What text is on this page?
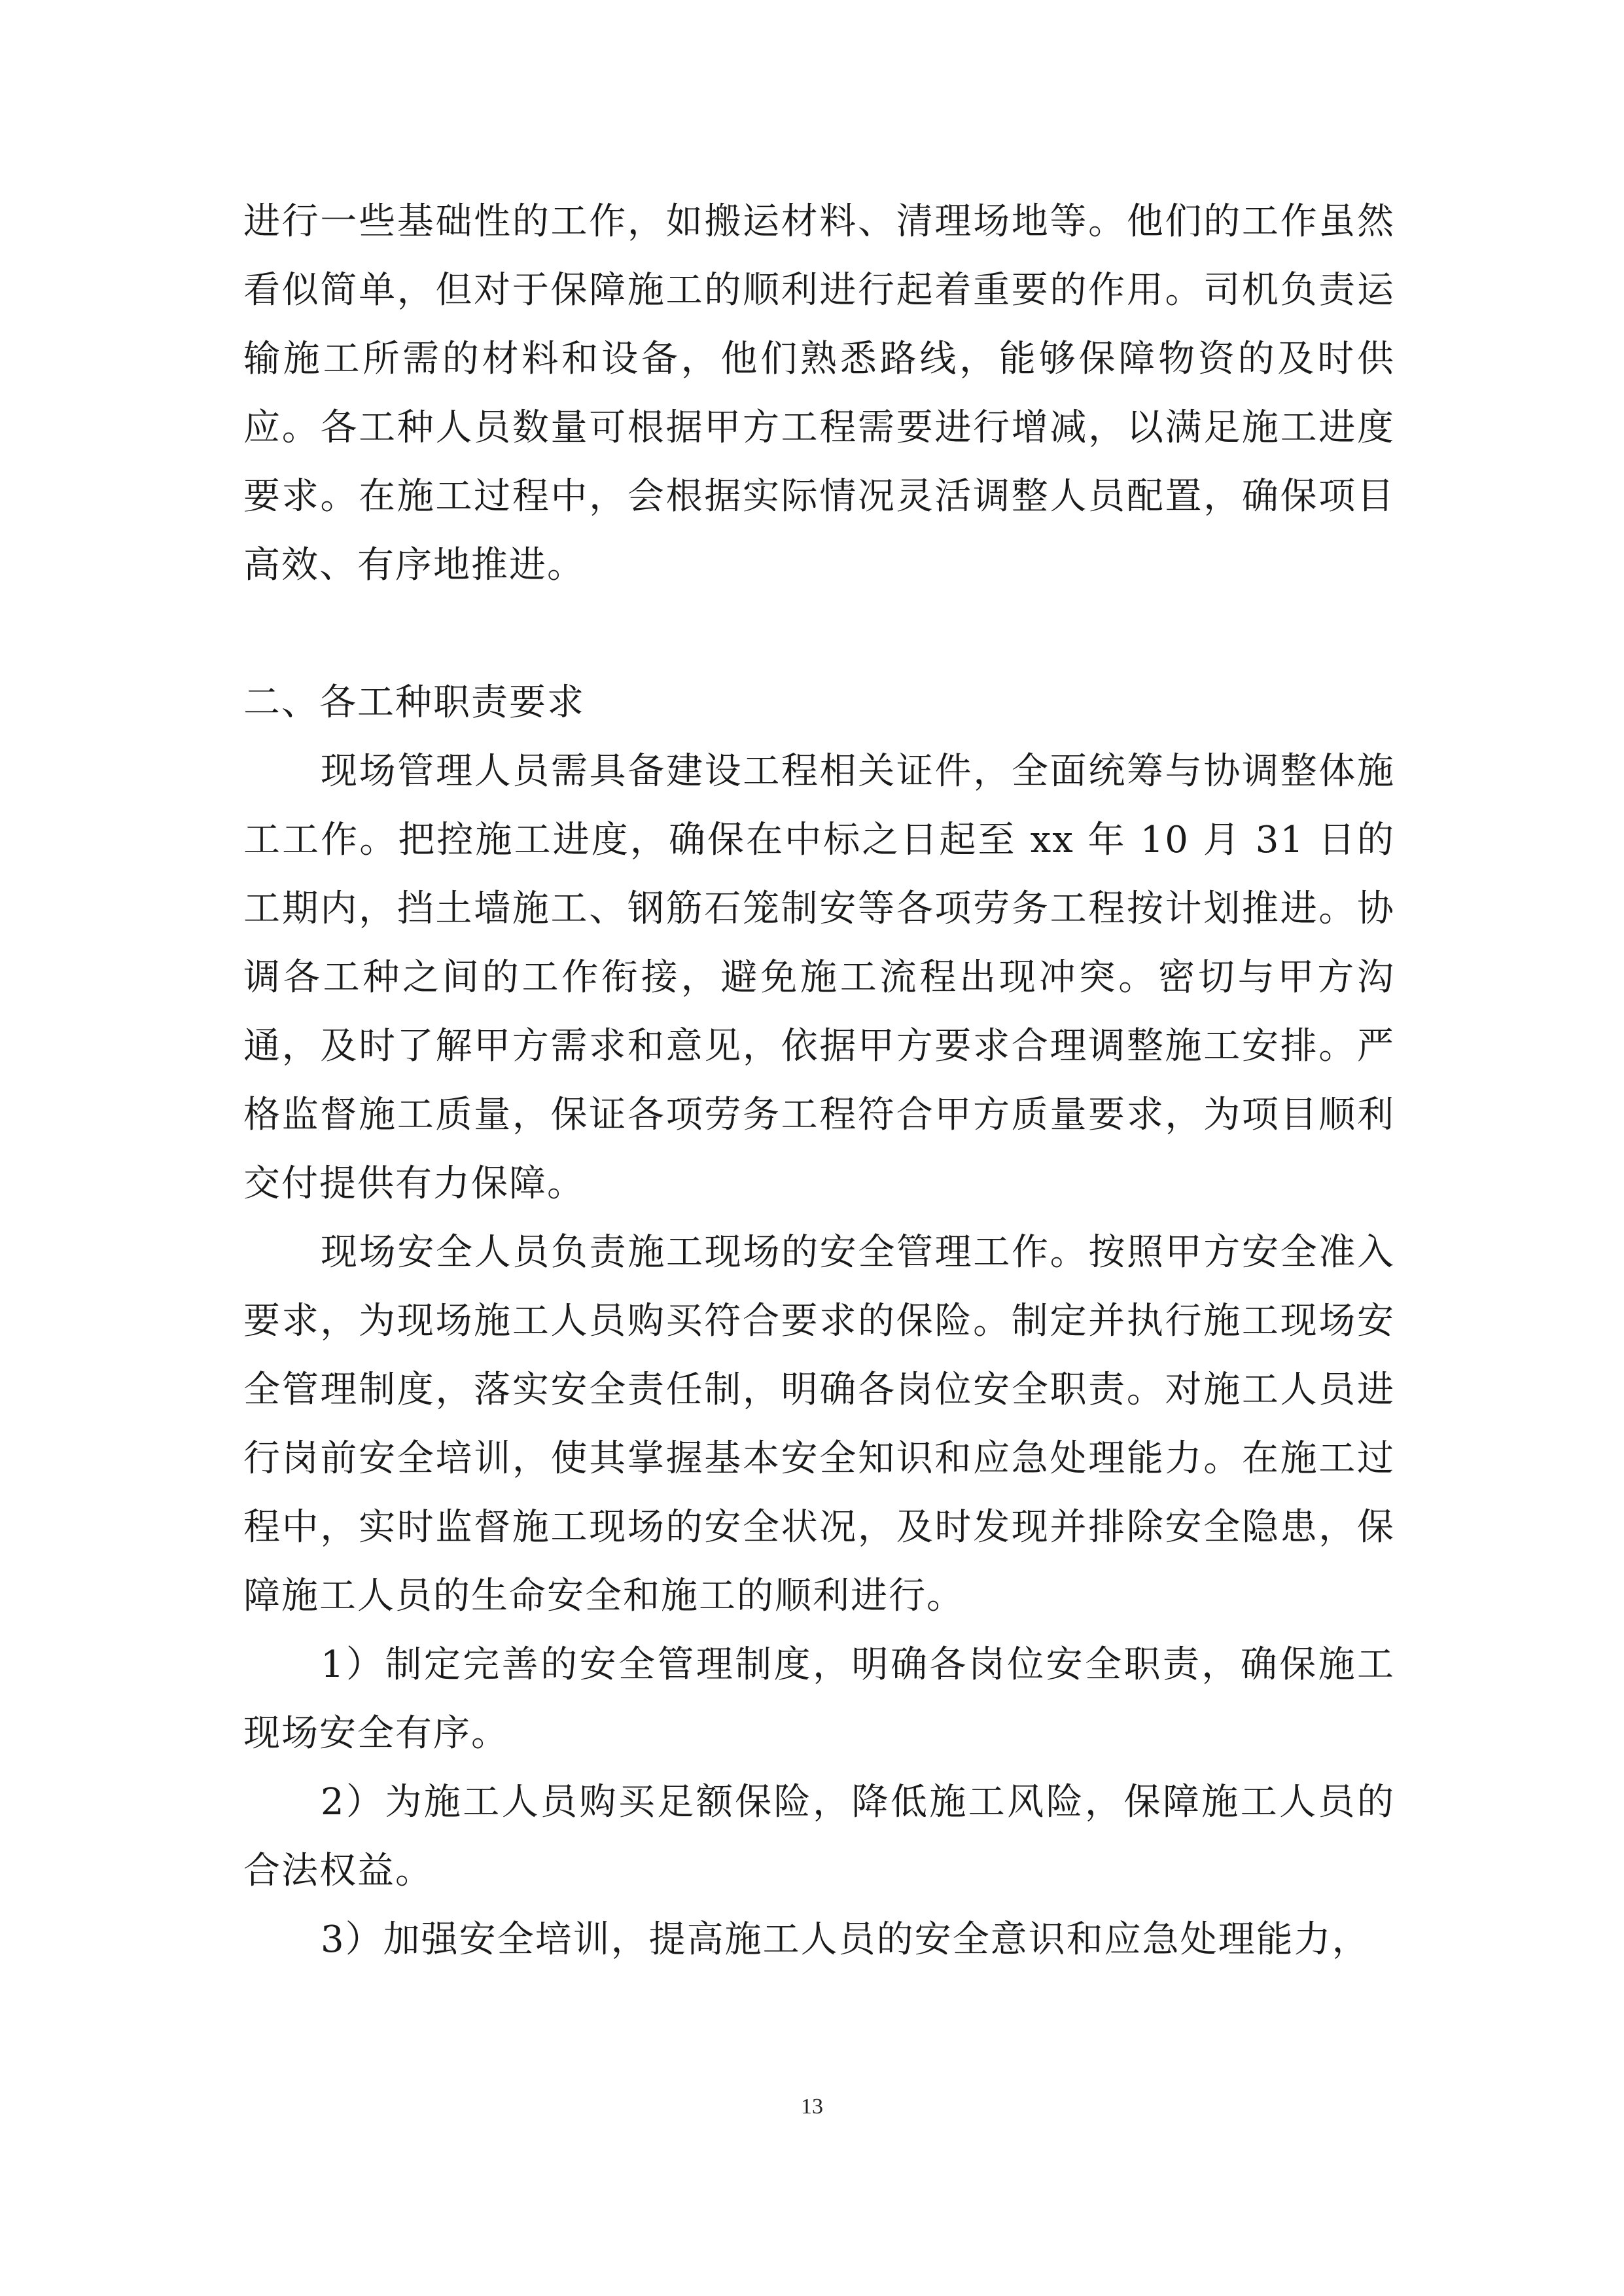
进行一些基础性的工作，如搬运材料、清理场地等。他们的工作虽然看似简单，但对于保障施工的顺利进行起着重要的作用。司机负责运输施工所需的材料和设备，他们熟悉路线，能够保障物资的及时供应。各工种人员数量可根据甲方工程需要进行增减，以满足施工进度要求。在施工过程中，会根据实际情况灵活调整人员配置，确保项目高效、有序地推进。

二、各工种职责要求

现场管理人员需具备建设工程相关证件，全面统筹与协调整体施工工作。把控施工进度，确保在中标之日起至 xx 年 10 月 31 日的工期内，挡土墙施工、钢筋石笼制安等各项劳务工程按计划推进。协调各工种之间的工作衔接，避免施工流程出现冲突。密切与甲方沟通，及时了解甲方需求和意见，依据甲方要求合理调整施工安排。严格监督施工质量，保证各项劳务工程符合甲方质量要求，为项目顺利交付提供有力保障。

现场安全人员负责施工现场的安全管理工作。按照甲方安全准入要求，为现场施工人员购买符合要求的保险。制定并执行施工现场安全管理制度，落实安全责任制，明确各岗位安全职责。对施工人员进行岗前安全培训，使其掌握基本安全知识和应急处理能力。在施工过程中，实时监督施工现场的安全状况，及时发现并排除安全隐患，保障施工人员的生命安全和施工的顺利进行。

1）制定完善的安全管理制度，明确各岗位安全职责，确保施工现场安全有序。

2）为施工人员购买足额保险，降低施工风险，保障施工人员的合法权益。

3）加强安全培训，提高施工人员的安全意识和应急处理能力，

13
